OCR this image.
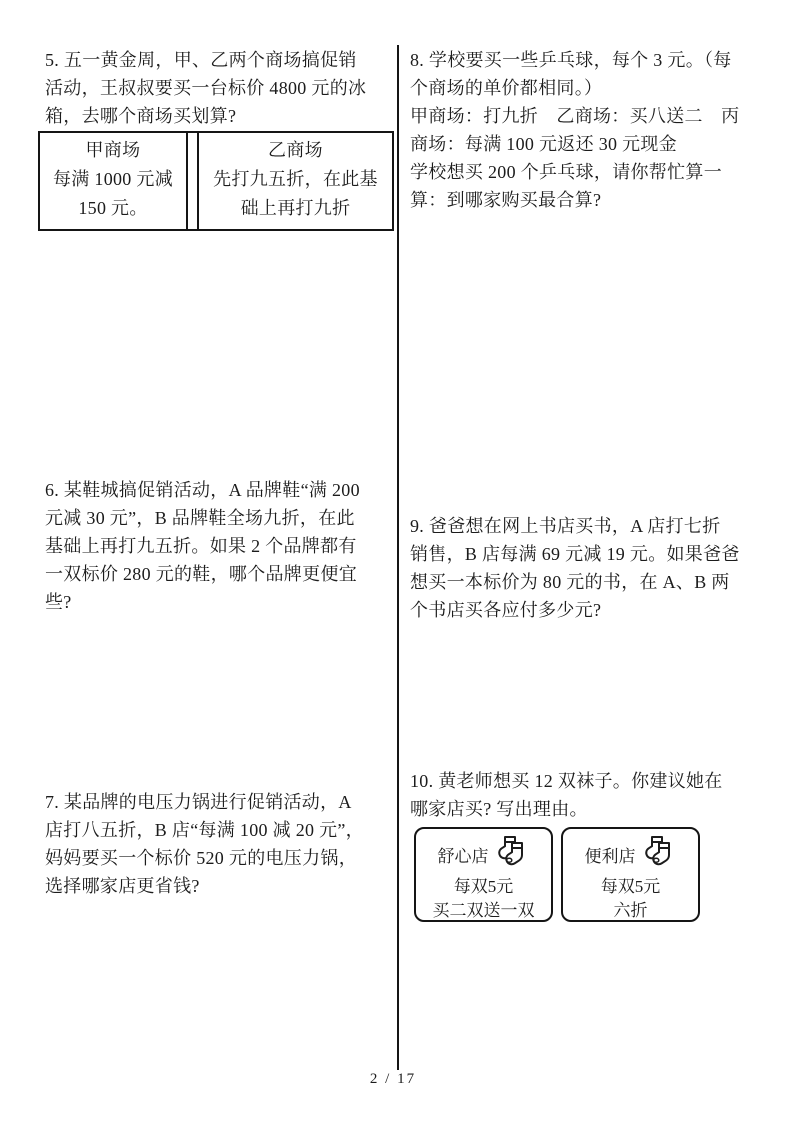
5. 五一黄金周，甲、乙两个商场搞促销
活动，王叔叔要买一台标价 4800 元的冰
箱，去哪个商场买划算?
甲商场
每满 1000 元减
150 元。
乙商场
先打九五折，在此基
础上再打九折
6. 某鞋城搞促销活动，A 品牌鞋“满 200
元减 30 元”，B 品牌鞋全场九折，在此
基础上再打九五折。如果 2 个品牌都有
一双标价 280 元的鞋，哪个品牌更便宜
些?
7. 某品牌的电压力锅进行促销活动，A
店打八五折，B 店“每满 100 减 20 元”，
妈妈要买一个标价 520 元的电压力锅，
选择哪家店更省钱?
8. 学校要买一些乒乓球，每个 3 元。（每
个商场的单价都相同。）
甲商场：打九折　乙商场：买八送二　丙
商场：每满 100 元返还 30 元现金
学校想买 200 个乒乓球，请你帮忙算一
算：到哪家购买最合算?
9. 爸爸想在网上书店买书，A 店打七折
销售，B 店每满 69 元减 19 元。如果爸爸
想买一本标价为 80 元的书，在 A、B 两
个书店买各应付多少元?
10. 黄老师想买 12 双袜子。你建议她在
哪家店买? 写出理由。
舒心店
每双5元
买二双送一双
便利店
每双5元
六折
2 / 17
